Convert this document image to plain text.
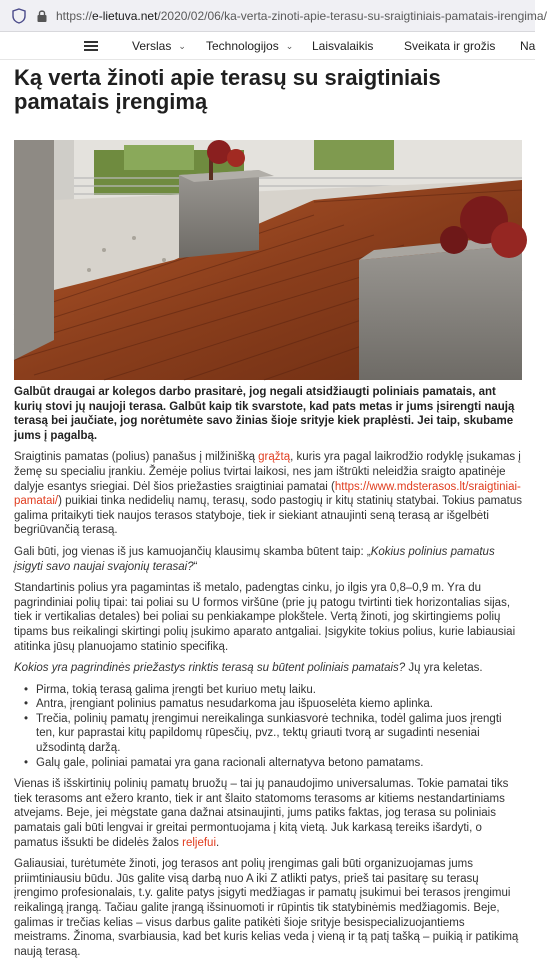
https://e-lietuva.net/2020/02/06/ka-verta-zinoti-apie-terasu-su-sraigtiniais-pamatais-irengima/
Verslas ⌄ Technologijos ⌄ Laisvalaikis	Sveikata ir grožis Na
Ką verta žinoti apie terasų su sraigtiniais pamatais įrengimą

Galbūt draugai ar kolegos darbo prasitarė, jog negali atsidžiaugti poliniais pamatais, ant kurių stovi jų naujoji terasa. Galbūt kaip tik svarstote, kad pats metas ir jums įsirengti naują terasą bei jaučiate, jog norėtumėte savo žinias šioje srityje kiek praplėsti. Jei taip, skubame jums į pagalbą.

Sraigtinis pamatas (polius) panašus į milžinišką grąžtą, kuris yra pagal laikrodžio rodyklę įsukamas į žemę su specialiu įrankiu. Žemėje polius tvirtai laikosi, nes jam ištrūkti neleidžia sraigto apatinėje dalyje esantys sriegiai. Dėl šios priežasties sraigtiniai pamatai (https://www.mdsterasos.lt/sraigtiniai-pamatai/) puikiai tinka nedidelių namų, terasų, sodo pastogių ir kitų statinių statybai. Tokius pamatus galima pritaikyti tiek naujos terasos statyboje, tiek ir siekiant atnaujinti seną terasą ar išgelbėti begriūvančią terasą.

Gali būti, jog vienas iš jus kamuojančių klausimų skamba būtent taip: „Kokius polinius pamatus įsigyti savo naujai svajonių terasai?“

Standartinis polius yra pagamintas iš metalo, padengtas cinku, jo ilgis yra 0,8–0,9 m. Yra du pagrindiniai polių tipai: tai poliai su U formos viršūne (prie jų patogu tvirtinti tiek horizontalias sijas, tiek ir vertikalias detales) bei poliai su penkiakampe plokštele. Vertą žinoti, jog skirtingiems polių tipams bus reikalingi skirtingi polių įsukimo aparato antgaliai. Įsigykite tokius polius, kurie labiausiai atitinka jūsų planuojamo statinio specifiką.

Kokios yra pagrindinės priežastys rinktis terasą su būtent poliniais pamatais? Jų yra keletas.

• Pirma, tokią terasą galima įrengti bet kuriuo metų laiku.
• Antra, įrengiant polinius pamatus nesudarkoma jau išpuoselėta kiemo aplinka.
• Trečia, polinių pamatų įrengimui nereikalinga sunkiasvorė technika, todėl galima juos įrengti ten, kur paprastai kitų papildomų rūpesčių, pvz., tektų griauti tvorą ar sugadinti neseniai užsodintą daržą.
• Galų gale, poliniai pamatai yra gana racionali alternatyva betono pamatams.

Vienas iš išskirtinių polinių pamatų bruožų – tai jų panaudojimo universalumas. Tokie pamatai tiks tiek terasoms ant ežero kranto, tiek ir ant šlaito statomoms terasoms ar kitiems nestandartiniams atvejams. Beje, jei mėgstate gana dažnai atsinaujinti, jums patiks faktas, jog terasa su poliniais pamatais gali būti lengvai ir greitai permontuojama į kitą vietą. Juk karkasą tereiks išardyti, o pamatus išsukti be didelės žalos reljefui.

Galiausiai, turėtumėte žinoti, jog terasos ant polių įrengimas gali būti organizuojamas jums priimtiniausiu būdu. Jūs galite visą darbą nuo A iki Z atlikti patys, prieš tai pasitarę su terasų įrengimo profesionalais, t.y. galite patys įsigyti medžiagas ir pamatų įsukimui bei terasos įrengimui reikalingą įrangą. Tačiau galite įrangą išsinuomoti ir rūpintis tik statybinėmis medžiagomis. Beje, galimas ir trečias kelias – visus darbus galite patikėti šioje srityje besispecializuojantiems meistrams. Žinoma, svarbiausia, kad bet kuris kelias veda į vieną ir tą patį tašką – puikią ir patikimą naują terasą.
